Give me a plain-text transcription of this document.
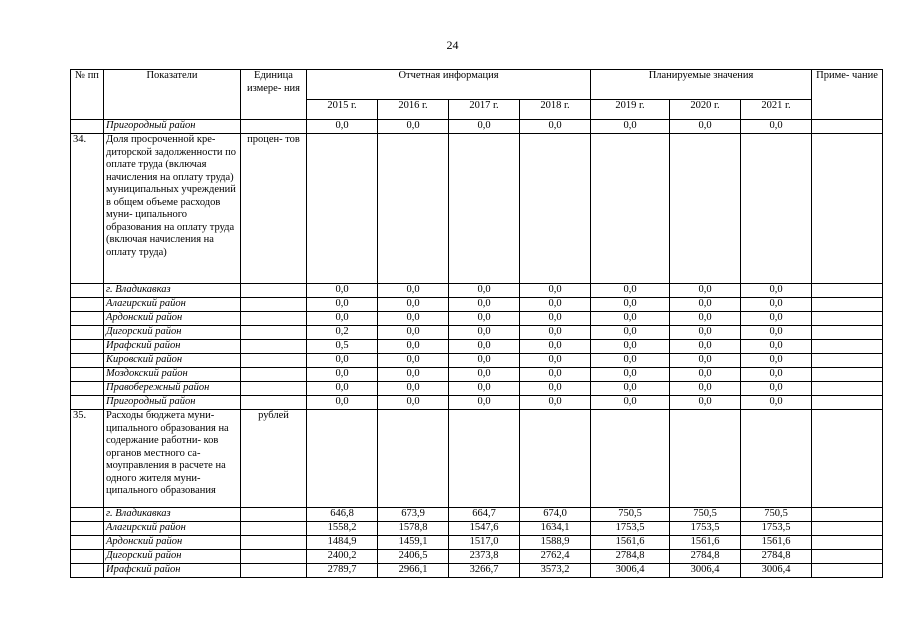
24
№ пп	Показатели	Единица измере- ния	Отчетная информация				Планируемые значения			Приме- чание
			2015 г.	2016 г.	2017 г.	2018 г.	2019 г.	2020 г.	2021 г.	
	Пригородный район		0,0	0,0	0,0	0,0	0,0	0,0	0,0	
34.	Доля просроченной кре- диторской задолженности по оплате труда (включая начисления на оплату труда) муниципальных учреждений в общем объеме расходов муни- ципального образования на оплату труда (включая начисления на оплату труда)	процен- тов								
	г. Владикавказ		0,0	0,0	0,0	0,0	0,0	0,0	0,0	
	Алагирский район		0,0	0,0	0,0	0,0	0,0	0,0	0,0	
	Ардонский район		0,0	0,0	0,0	0,0	0,0	0,0	0,0	
	Дигорский район		0,2	0,0	0,0	0,0	0,0	0,0	0,0	
	Ирафский район		0,5	0,0	0,0	0,0	0,0	0,0	0,0	
	Кировский район		0,0	0,0	0,0	0,0	0,0	0,0	0,0	
	Моздокский район		0,0	0,0	0,0	0,0	0,0	0,0	0,0	
	Правобережный район		0,0	0,0	0,0	0,0	0,0	0,0	0,0	
	Пригородный район		0,0	0,0	0,0	0,0	0,0	0,0	0,0	
35.	Расходы бюджета муни- ципального образования на содержание работни- ков органов местного са- моуправления в расчете на одного жителя муни- ципального образования	рублей								
	г. Владикавказ		646,8	673,9	664,7	674,0	750,5	750,5	750,5	
	Алагирский район		1558,2	1578,8	1547,6	1634,1	1753,5	1753,5	1753,5	
	Ардонский район		1484,9	1459,1	1517,0	1588,9	1561,6	1561,6	1561,6	
	Дигорский район		2400,2	2406,5	2373,8	2762,4	2784,8	2784,8	2784,8	
	Ирафский район		2789,7	2966,1	3266,7	3573,2	3006,4	3006,4	3006,4	
